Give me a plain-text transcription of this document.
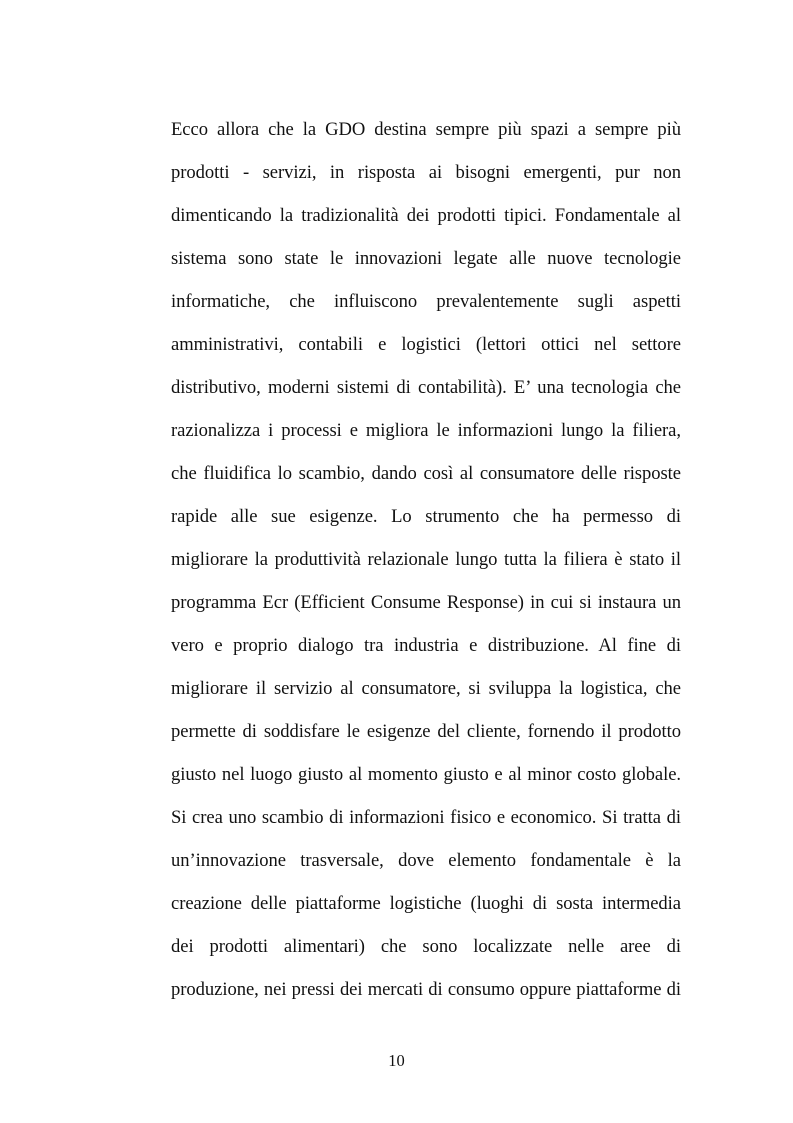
Ecco allora che la GDO destina sempre più spazi a sempre più
prodotti - servizi, in risposta ai bisogni emergenti, pur non
dimenticando la tradizionalità dei prodotti tipici. Fondamentale al
sistema sono state le innovazioni legate alle nuove tecnologie
informatiche, che influiscono prevalentemente sugli aspetti
amministrativi, contabili e logistici (lettori ottici nel settore
distributivo, moderni sistemi di contabilità). E’ una tecnologia che
razionalizza i processi e migliora le informazioni lungo la filiera,
che fluidifica lo scambio, dando così al consumatore delle risposte
rapide alle sue esigenze. Lo strumento che ha permesso di
migliorare la produttività relazionale lungo tutta la filiera è stato il
programma Ecr (Efficient Consume Response) in cui si instaura un
vero e proprio dialogo tra industria e distribuzione. Al fine di
migliorare il servizio al consumatore, si sviluppa la logistica, che
permette di soddisfare le esigenze del cliente, fornendo il prodotto
giusto nel luogo giusto al momento giusto e al minor costo globale.
Si crea uno scambio di informazioni fisico e economico. Si tratta di
un’innovazione trasversale, dove elemento fondamentale è la
creazione delle piattaforme logistiche (luoghi di sosta intermedia
dei prodotti alimentari) che sono localizzate nelle aree di
produzione, nei pressi dei mercati di consumo oppure piattaforme di
10
